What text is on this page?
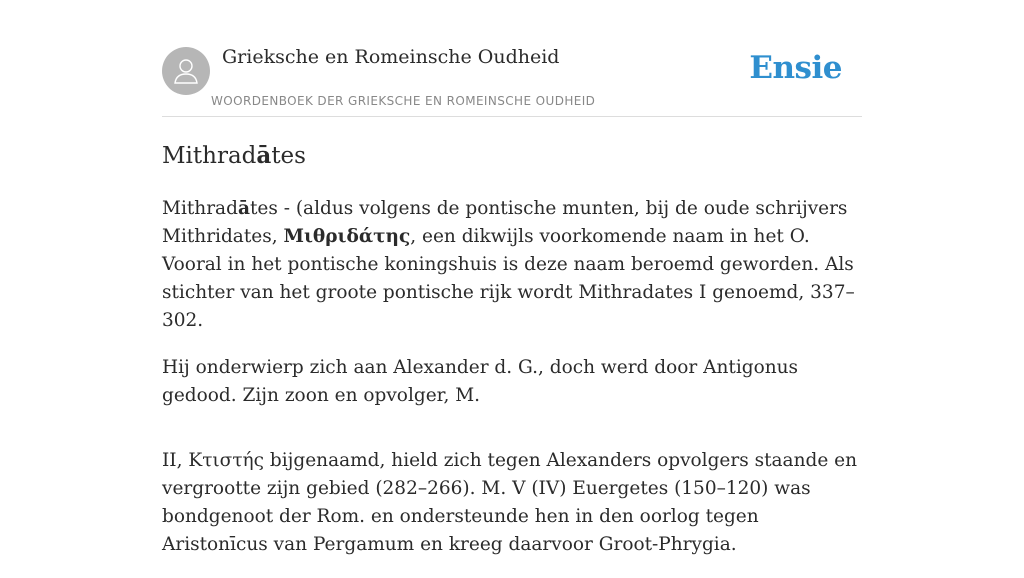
Grieksche en Romeinsche Oudheid
WOORDENBOEK DER GRIEKSCHE EN ROMEINSCHE OUDHEID
Ensie
Mithradātes

Mithradātes - (aldus volgens de pontische munten, bij de oude schrijvers Mithridates, Μιθριδάτης, een dikwijls voorkomende naam in het O. Vooral in het pontische koningshuis is deze naam beroemd geworden. Als stichter van het groote pontische rijk wordt Mithradates I genoemd, 337–302.

Hij onderwierp zich aan Alexander d. G., doch werd door Antigonus gedood. Zijn zoon en opvolger, M.

II, Κτιστής bijgenaamd, hield zich tegen Alexanders opvolgers staande en vergrootte zijn gebied (282–266). M. V (IV) Euergetes (150–120) was bondgenoot der Rom. en ondersteunde hen in den oorlog tegen Aristonīcus van Pergamum en kreeg daarvoor Groot-Phrygia.
